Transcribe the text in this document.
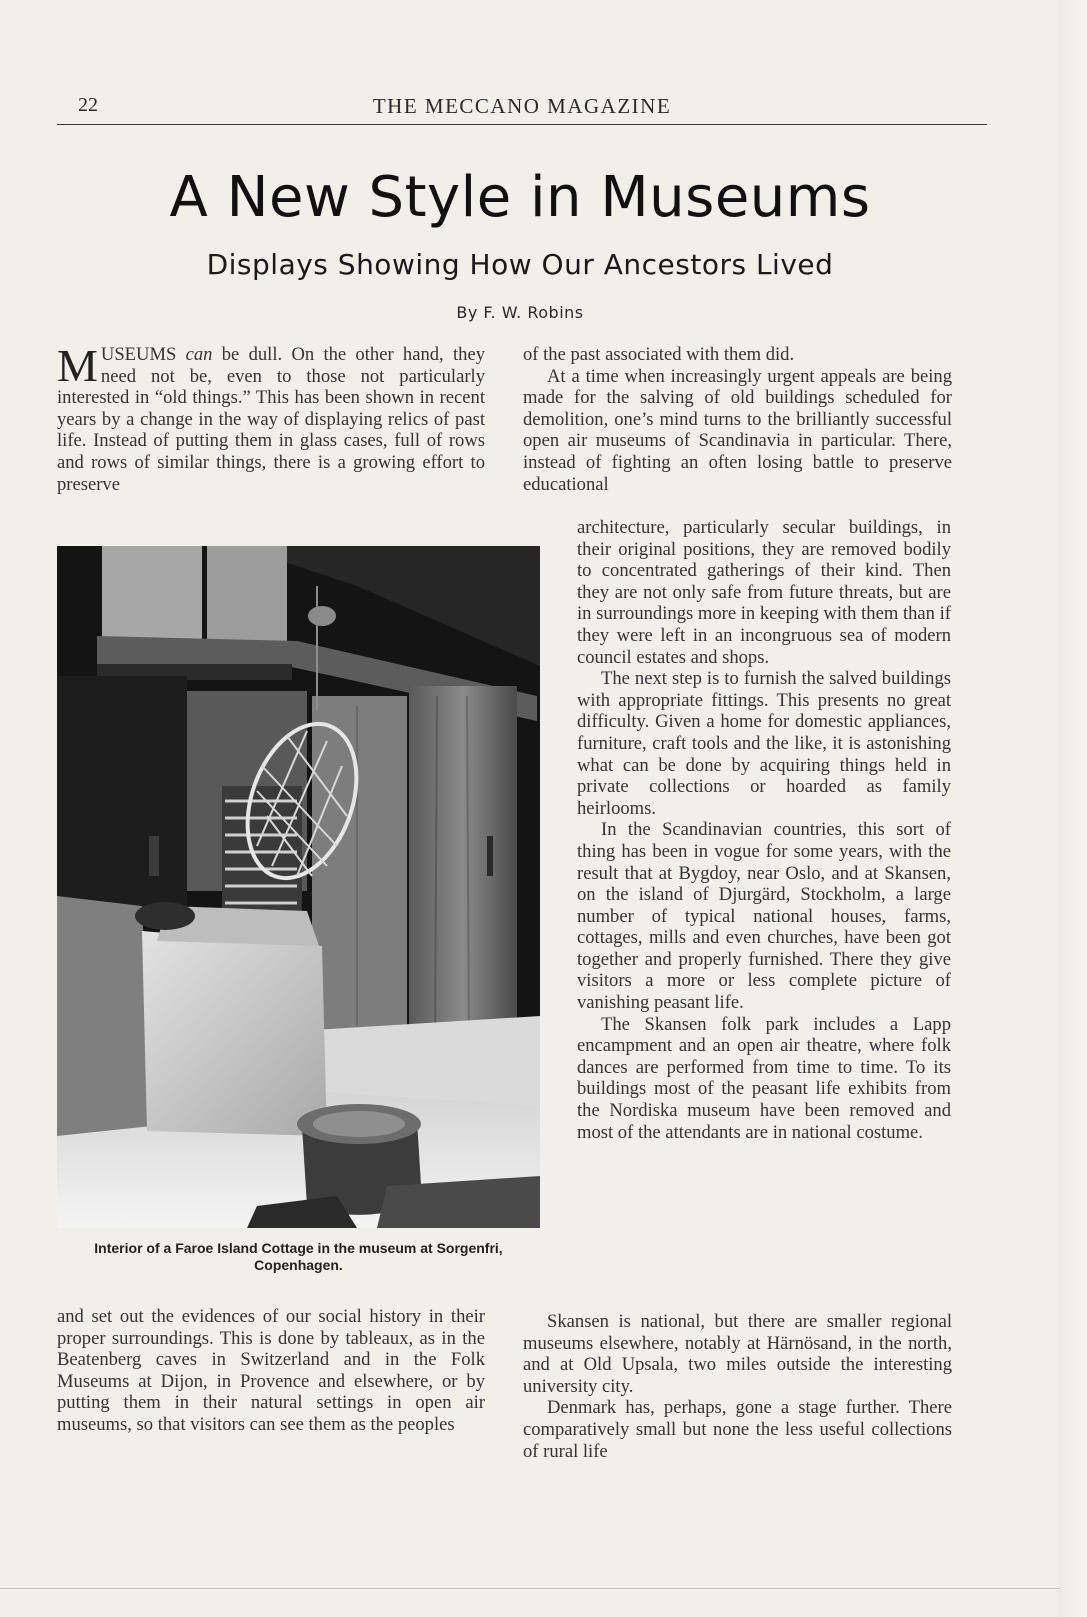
22	THE MECCANO MAGAZINE
A New Style in Museums
Displays Showing How Our Ancestors Lived
By F. W. Robins

MUSEUMS can be dull. On the other hand, they need not be, even to those not particularly interested in “old things.” This has been shown in recent years by a change in the way of displaying relics of past life. Instead of putting them in glass cases, full of rows and rows of similar things, there is a growing effort to preserve

Interior of a Faroe Island Cottage in the museum at Sorgenfri, Copenhagen.

and set out the evidences of our social history in their proper surroundings. This is done by tableaux, as in the Beatenberg caves in Switzerland and in the Folk Museums at Dijon, in Provence and elsewhere, or by putting them in their natural settings in open air museums, so that visitors can see them as the peoples

of the past associated with them did.

At a time when increasingly urgent appeals are being made for the salving of old buildings scheduled for demolition, one’s mind turns to the brilliantly successful open air museums of Scandinavia in particular. There, instead of fighting an often losing battle to preserve educational

architecture, particularly secular buildings, in their original positions, they are removed bodily to concentrated gatherings of their kind. Then they are not only safe from future threats, but are in surroundings more in keeping with them than if they were left in an incongruous sea of modern council estates and shops.

The next step is to furnish the salved buildings with appropriate fittings. This presents no great difficulty. Given a home for domestic appliances, furniture, craft tools and the like, it is astonishing what can be done by acquiring things held in private collections or hoarded as family heirlooms.

In the Scandinavian countries, this sort of thing has been in vogue for some years, with the result that at Bygdoy, near Oslo, and at Skansen, on the island of Djurgärd, Stockholm, a large number of typical national houses, farms, cottages, mills and even churches, have been got together and properly furnished. There they give visitors a more or less complete picture of vanishing peasant life.

The Skansen folk park includes a Lapp encampment and an open air theatre, where folk dances are performed from time to time. To its buildings most of the peasant life exhibits from the Nordiska museum have been removed and most of the attendants are in national costume.

Skansen is national, but there are smaller regional museums elsewhere, notably at Härnösand, in the north, and at Old Upsala, two miles outside the interesting university city.

Denmark has, perhaps, gone a stage further. There comparatively small but none the less useful collections of rural life
